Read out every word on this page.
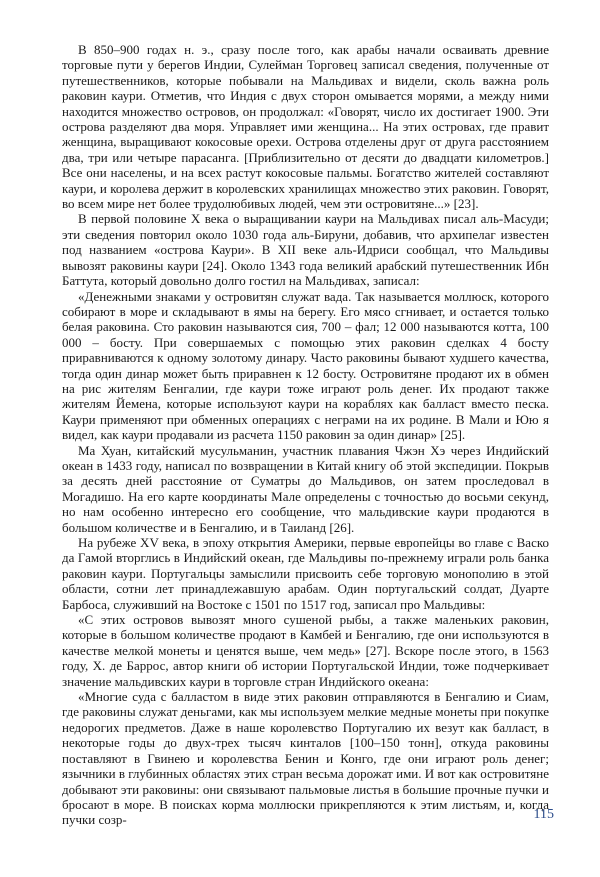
В 850–900 годах н. э., сразу после того, как арабы начали осваивать древние торговые пути у берегов Индии, Сулейман Торговец записал сведения, полученные от путешественников, которые побывали на Мальдивах и видели, сколь важна роль раковин каури. Отметив, что Индия с двух сторон омывается морями, а между ними находится множество островов, он продолжал: «Говорят, число их достигает 1900. Эти острова разделяют два моря. Управляет ими женщина... На этих островах, где правит женщина, выращивают кокосовые орехи. Острова отделены друг от друга расстоянием два, три или четыре парасанга. [Приблизительно от десяти до двадцати километров.] Все они населены, и на всех растут кокосовые пальмы. Богатство жителей составляют каури, и королева держит в королевских хранилищах множество этих раковин. Говорят, во всем мире нет более трудолюбивых людей, чем эти островитяне...» [23].

В первой половине X века о выращивании каури на Мальдивах писал аль-Масуди; эти сведения повторил около 1030 года аль-Бируни, добавив, что архипелаг известен под названием «острова Каури». В XII веке аль-Идриси сообщал, что Мальдивы вывозят раковины каури [24]. Около 1343 года великий арабский путешественник Ибн Баттута, который довольно долго гостил на Мальдивах, записал:

«Денежными знаками у островитян служат вада. Так называется моллюск, которого собирают в море и складывают в ямы на берегу. Его мясо сгнивает, и остается только белая раковина. Сто раковин называются сия, 700 – фал; 12 000 называются котта, 100 000 – босту. При совершаемых с помощью этих раковин сделках 4 босту приравниваются к одному золотому динару. Часто раковины бывают худшего качества, тогда один динар может быть приравнен к 12 босту. Островитяне продают их в обмен на рис жителям Бенгалии, где каури тоже играют роль денег. Их продают также жителям Йемена, которые используют каури на кораблях как балласт вместо песка. Каури применяют при обменных операциях с неграми на их родине. В Мали и Юю я видел, как каури продавали из расчета 1150 раковин за один динар» [25].

Ма Хуан, китайский мусульманин, участник плавания Чжэн Хэ через Индийский океан в 1433 году, написал по возвращении в Китай книгу об этой экспедиции. Покрыв за десять дней расстояние от Суматры до Мальдивов, он затем проследовал в Могадишо. На его карте координаты Мале определены с точностью до восьми секунд, но нам особенно интересно его сообщение, что мальдивские каури продаются в большом количестве и в Бенгалию, и в Таиланд [26].

На рубеже XV века, в эпоху открытия Америки, первые европейцы во главе с Васко да Гамой вторглись в Индийский океан, где Мальдивы по-прежнему играли роль банка раковин каури. Португальцы замыслили присвоить себе торговую монополию в этой области, сотни лет принадлежавшую арабам. Один португальский солдат, Дуарте Барбоса, служивший на Востоке с 1501 по 1517 год, записал про Мальдивы:

«С этих островов вывозят много сушеной рыбы, а также маленьких раковин, которые в большом количестве продают в Камбей и Бенгалию, где они используются в качестве мелкой монеты и ценятся выше, чем медь» [27]. Вскоре после этого, в 1563 году, Х. де Баррос, автор книги об истории Португальской Индии, тоже подчеркивает значение мальдивских каури в торговле стран Индийского океана:

«Многие суда с балластом в виде этих раковин отправляются в Бенгалию и Сиам, где раковины служат деньгами, как мы используем мелкие медные монеты при покупке недорогих предметов. Даже в наше королевство Португалию их везут как балласт, в некоторые годы до двух-трех тысяч кинталов [100–150 тонн], откуда раковины поставляют в Гвинею и королевства Бенин и Конго, где они играют роль денег; язычники в глубинных областях этих стран весьма дорожат ими. И вот как островитяне добывают эти раковины: они связывают пальмовые листья в большие прочные пучки и бросают в море. В поисках корма моллюски прикрепляются к этим листьям, и, когда пучки созр-	115
